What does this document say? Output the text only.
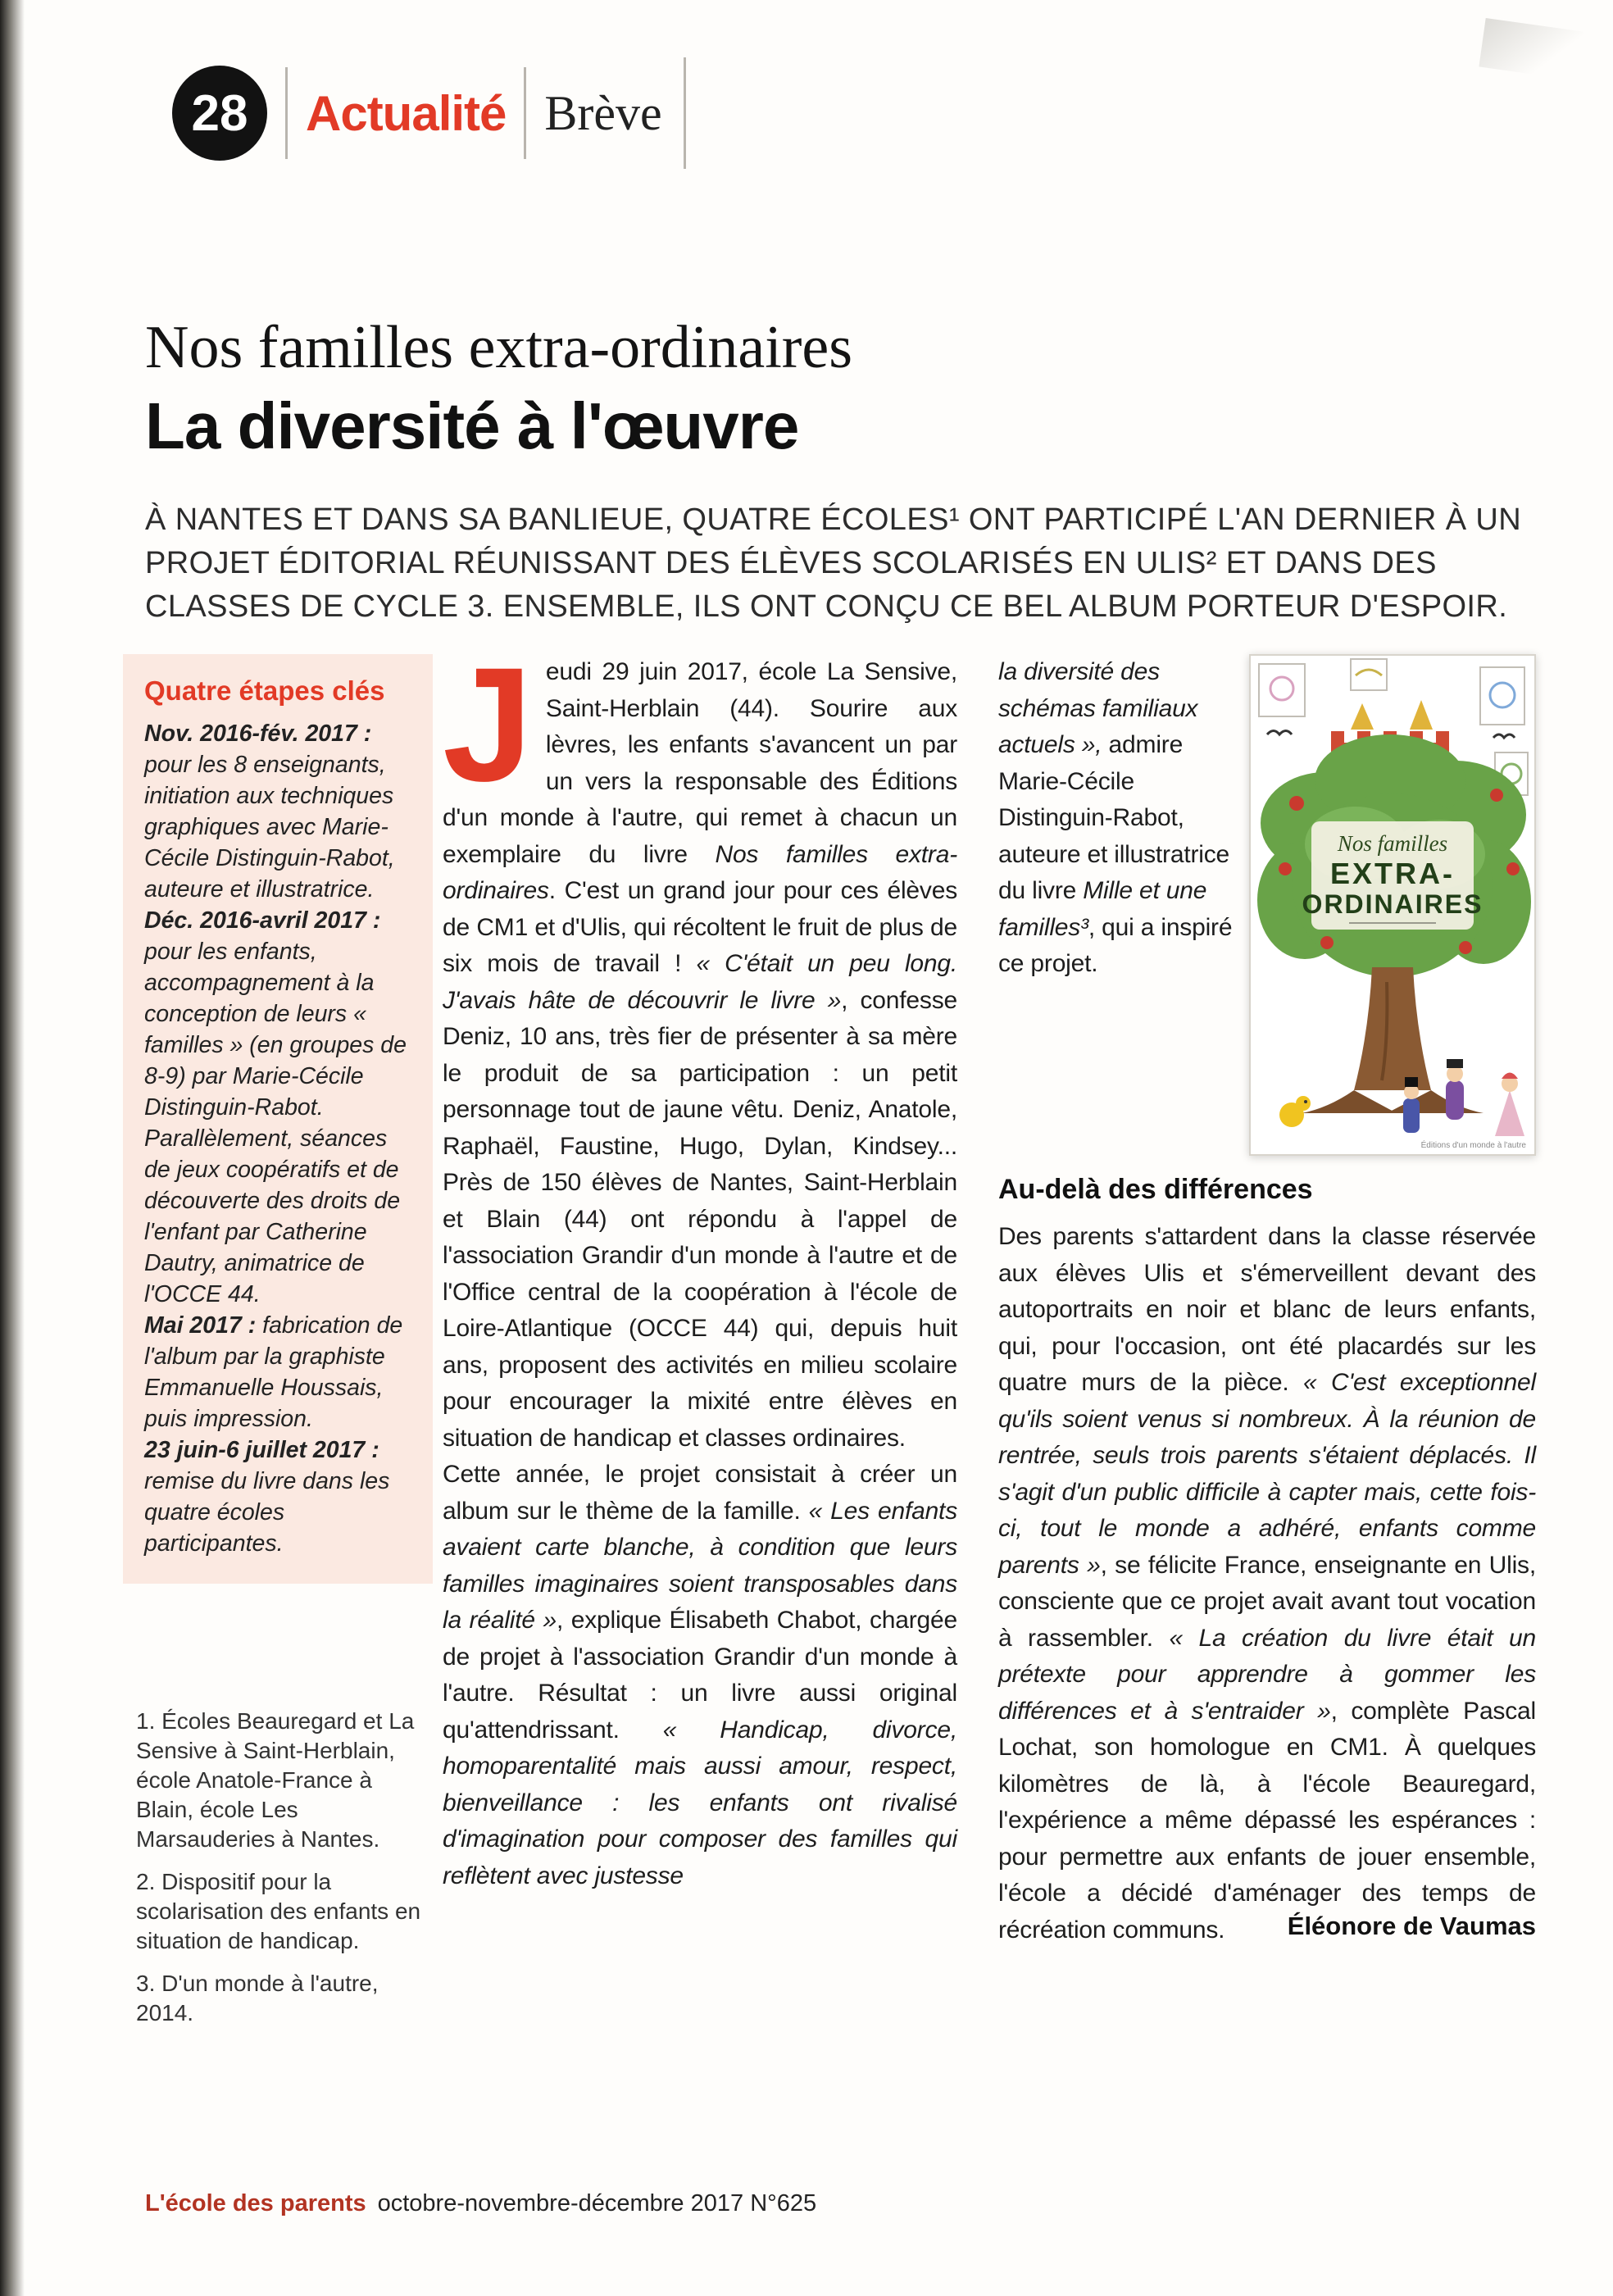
28	Actualité Brève
Nos familles extra-ordinaires
La diversité à l'œuvre
À NANTES ET DANS SA BANLIEUE, QUATRE ÉCOLES¹ ONT PARTICIPÉ L'AN DERNIER À UN PROJET ÉDITORIAL RÉUNISSANT DES ÉLÈVES SCOLARISÉS EN ULIS² ET DANS DES CLASSES DE CYCLE 3. ENSEMBLE, ILS ONT CONÇU CE BEL ALBUM PORTEUR D'ESPOIR.
Quatre étapes clés

Nov. 2016-fév. 2017 : pour les 8 enseignants, initiation aux techniques graphiques avec Marie-Cécile Distinguin-Rabot, auteure et illustratrice.

Déc. 2016-avril 2017 : pour les enfants, accompagnement à la conception de leurs « familles » (en groupes de 8-9) par Marie-Cécile Distinguin-Rabot. Parallèlement, séances de jeux coopératifs et de découverte des droits de l'enfant par Catherine Dautry, animatrice de l'OCCE 44.

Mai 2017 : fabrication de l'album par la graphiste Emmanuelle Houssais, puis impression.

23 juin-6 juillet 2017 : remise du livre dans les quatre écoles participantes.

1. Écoles Beauregard et La Sensive à Saint-Herblain, école Anatole-France à Blain, école Les Marsauderies à Nantes.

2. Dispositif pour la scolarisation des enfants en situation de handicap.

3. D'un monde à l'autre, 2014.

Jeudi 29 juin 2017, école La Sensive, Saint-Herblain (44). Sourire aux lèvres, les enfants s'avancent un par un vers la responsable des Éditions d'un monde à l'autre, qui remet à chacun un exemplaire du livre Nos familles extra-ordinaires. C'est un grand jour pour ces élèves de CM1 et d'Ulis, qui récoltent le fruit de plus de six mois de travail ! « C'était un peu long. J'avais hâte de découvrir le livre », confesse Deniz, 10 ans, très fier de présenter à sa mère le produit de sa participation : un petit personnage tout de jaune vêtu. Deniz, Anatole, Raphaël, Faustine, Hugo, Dylan, Kindsey... Près de 150 élèves de Nantes, Saint-Herblain et Blain (44) ont répondu à l'appel de l'association Grandir d'un monde à l'autre et de l'Office central de la coopération à l'école de Loire-Atlantique (OCCE 44) qui, depuis huit ans, proposent des activités en milieu scolaire pour encourager la mixité entre élèves en situation de handicap et classes ordinaires.

Cette année, le projet consistait à créer un album sur le thème de la famille. « Les enfants avaient carte blanche, à condition que leurs familles imaginaires soient transposables dans la réalité », explique Élisabeth Chabot, chargée de projet à l'association Grandir d'un monde à l'autre. Résultat : un livre aussi original qu'attendrissant. « Handicap, divorce, homoparentalité mais aussi amour, respect, bienveillance : les enfants ont rivalisé d'imagination pour composer des familles qui reflètent avec justesse

Nos familles
EXTRA-
ORDINAIRES
Éditions d'un monde à l'autre

la diversité des schémas familiaux actuels », admire Marie-Cécile Distinguin-Rabot, auteure et illustratrice du livre Mille et une familles³, qui a inspiré ce projet.

Au-delà des différences

Des parents s'attardent dans la classe réservée aux élèves Ulis et s'émerveillent devant des autoportraits en noir et blanc de leurs enfants, qui, pour l'occasion, ont été placardés sur les quatre murs de la pièce. « C'est exceptionnel qu'ils soient venus si nombreux. À la réunion de rentrée, seuls trois parents s'étaient déplacés. Il s'agit d'un public difficile à capter mais, cette fois-ci, tout le monde a adhéré, enfants comme parents », se félicite France, enseignante en Ulis, consciente que ce projet avait avant tout vocation à rassembler. « La création du livre était un prétexte pour apprendre à gommer les différences et à s'entraider », complète Pascal Lochat, son homologue en CM1. À quelques kilomètres de là, à l'école Beauregard, l'expérience a même dépassé les espérances : pour permettre aux enfants de jouer ensemble, l'école a décidé d'aménager des temps de récréation communs.	Éléonore de Vaumas
L'école des parents octobre-novembre-décembre 2017 N°625
